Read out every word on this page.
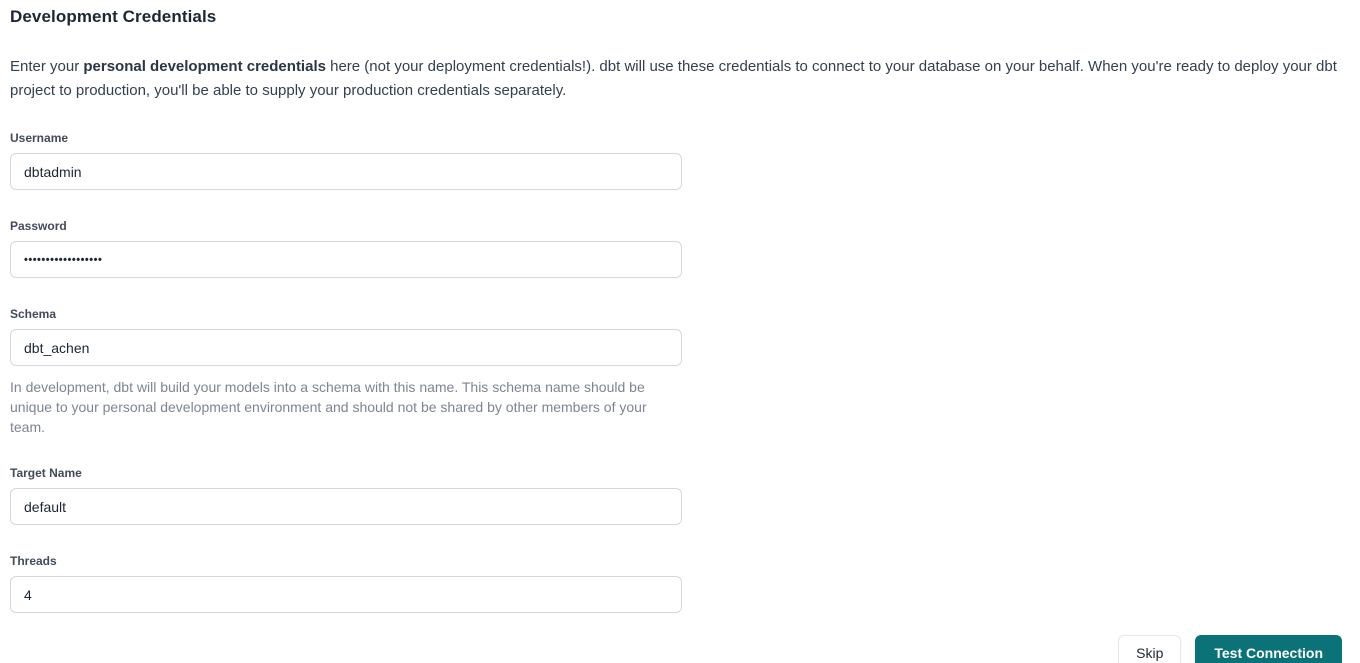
Development Credentials

Enter your personal development credentials here (not your deployment credentials!). dbt will use these credentials to connect to your database on your behalf. When you're ready to deploy your dbt project to production, you'll be able to supply your production credentials separately.

Username
dbtadmin
Password
••••••••••••••••••
Schema
dbt_achen
In development, dbt will build your models into a schema with this name. This schema name should be unique to your personal development environment and should not be shared by other members of your team.
Target Name
default
Threads
4
Skip	Test Connection
